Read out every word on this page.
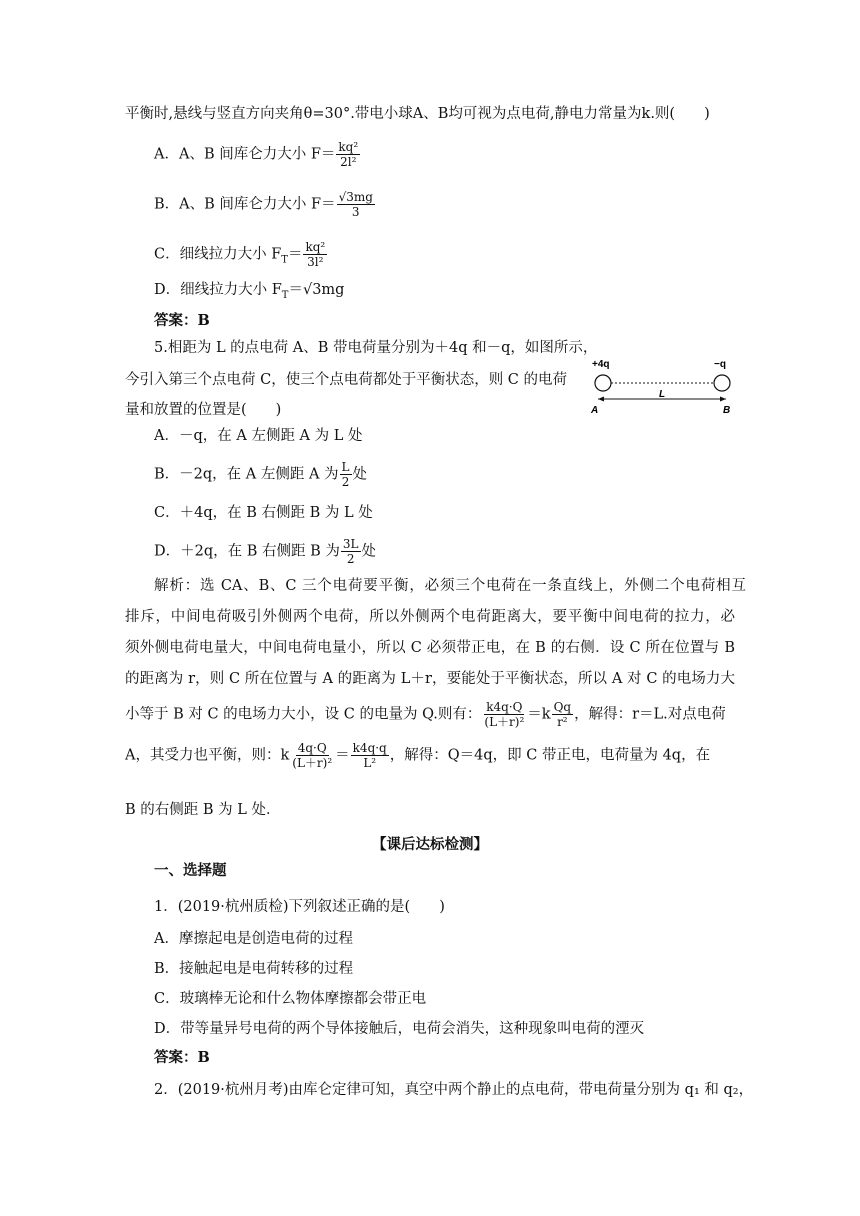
平衡时,悬线与竖直方向夹角θ=30°.带电小球A、B均可视为点电荷,静电力常量为k.则(　　)
A．A、B 间库仑力大小 $F= \frac{\text{kq²}}{\text{2l²}}$
B．A、B 间库仑力大小 $F= \frac{√3mg}{3}$
C．细线拉力大小 $F_T= \frac{\text{kq²}}{\text{3l²}}$
D．细线拉力大小 $F_T=√3mg$
答案：B
5.相距为 L 的点电荷 A、B 带电荷量分别为＋4q 和－q，如图所示，
今引入第三个点电荷 C，使三个点电荷都处于平衡状态，则 C 的电荷
量和放置的位置是(　　)
+4q	−q
A
L
B
A．－q，在 A 左侧距 A 为 L 处
B．－2q，在 A 左侧距 A 为 $\frac{L}{2}$ 处
C．＋4q，在 B 右侧距 B 为 L 处
D．＋2q，在 B 右侧距 B 为 $\frac{3L}{2}$ 处
解析：选 CA、B、C 三个电荷要平衡，必须三个电荷在一条直线上，外侧二个电荷相互
排斥，中间电荷吸引外侧两个电荷，所以外侧两个电荷距离大，要平衡中间电荷的拉力，必
须外侧电荷电量大，中间电荷电量小，所以 C 必须带正电，在 B 的右侧．设 C 所在位置与 B
的距离为 r，则 C 所在位置与 A 的距离为 L＋r，要能处于平衡状态，所以 A 对 C 的电场力大
小等于 B 对 C 的电场力大小，设 C 的电量为 Q.则有： $\frac{k4q\cdot Q}{\text{(L＋r)²}} =k \frac{Qq}{\text{r²}}$ ，解得：r＝L.对点电荷
A，其受力也平衡，则：k $\frac{4q\cdot Q}{\text{(L＋r)²}} = \frac{k4q\cdot q}{\text{L²}}$ ，解得：Q＝4q，即 C 带正电，电荷量为 4q，在
B 的右侧距 B 为 L 处．
【课后达标检测】
一、选择题
1．(2019·杭州质检)下列叙述正确的是(　　)
A．摩擦起电是创造电荷的过程
B．接触起电是电荷转移的过程
C．玻璃棒无论和什么物体摩擦都会带正电
D．带等量异号电荷的两个导体接触后，电荷会消失，这种现象叫电荷的湮灭
答案：B
2．(2019·杭州月考)由库仑定律可知，真空中两个静止的点电荷，带电荷量分别为 q₁ 和 q₂，
